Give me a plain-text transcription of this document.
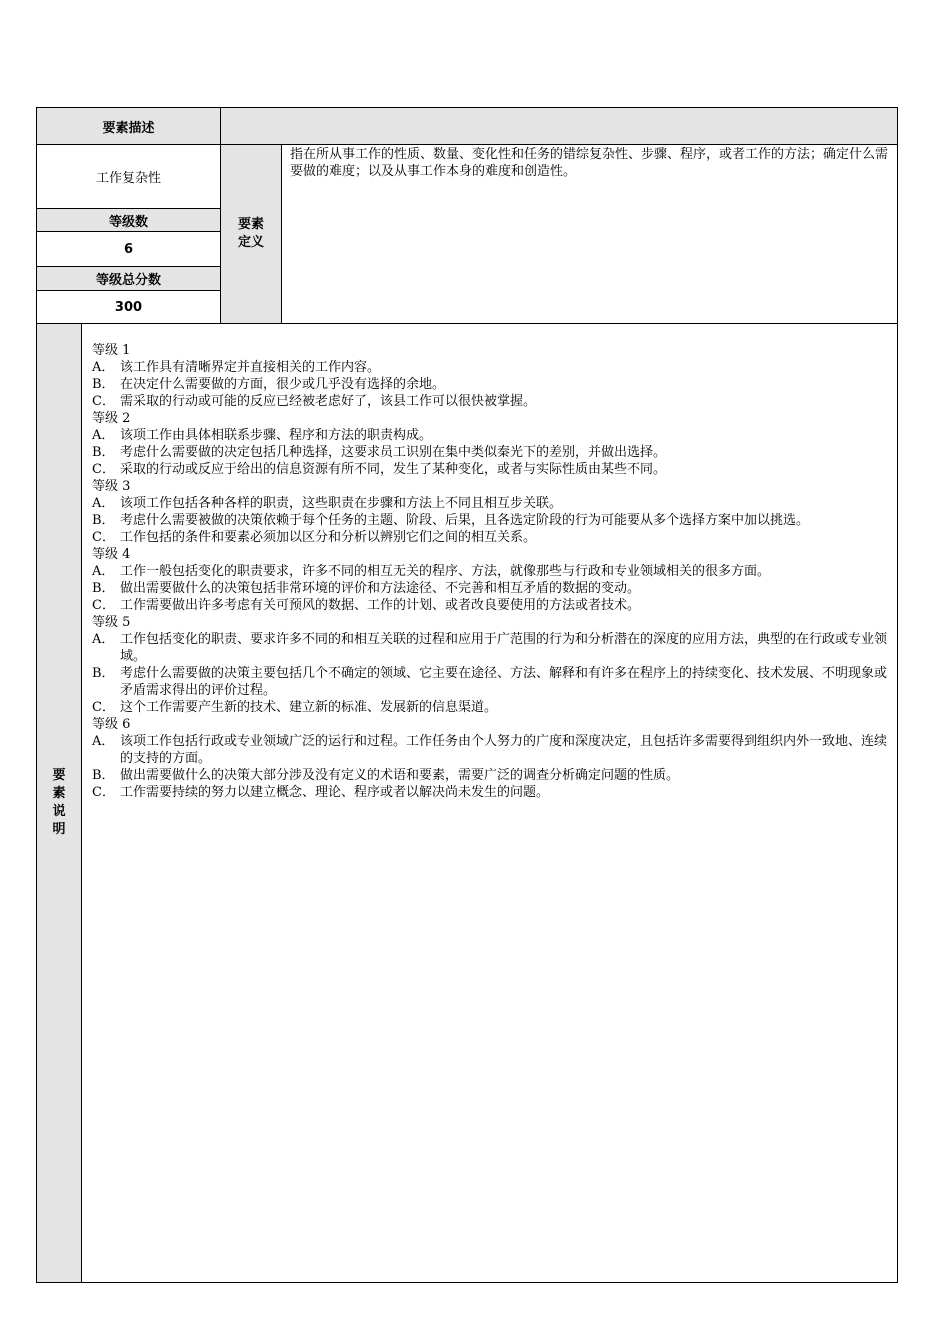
要素描述
工作复杂性
等级数
6
等级总分数
300
要素
定义
指在所从事工作的性质、数量、变化性和任务的错综复杂性、步骤、程序，或者工作的方法；确定什么需要做的难度；以及从事工作本身的难度和创造性。
要
素
说
明
等级 1
A． 该工作具有清晰界定并直接相关的工作内容。
B． 在决定什么需要做的方面，很少或几乎没有选择的余地。
C． 需采取的行动或可能的反应已经被老虑好了，该县工作可以很快被掌握。
等级 2
A． 该项工作由具体相联系步骤、程序和方法的职责构成。
B． 考虑什么需要做的决定包括几种选择，这要求员工识别在集中类似秦光下的差别，并做出选择。
C． 采取的行动或反应于给出的信息资源有所不同，发生了某种变化，或者与实际性质由某些不同。
等级 3
A． 该项工作包括各种各样的职责，这些职责在步骤和方法上不同且相互步关联。
B． 考虑什么需要被做的决策依赖于每个任务的主题、阶段、后果，且各选定阶段的行为可能要从多个选择方案中加以挑选。
C． 工作包括的条件和要素必须加以区分和分析以辨别它们之间的相互关系。
等级 4
A． 工作一般包括变化的职责要求，许多不同的相互无关的程序、方法，就像那些与行政和专业领域相关的很多方面。
B． 做出需要做什么的决策包括非常环境的评价和方法途径、不完善和相互矛盾的数据的变动。
C． 工作需要做出许多考虑有关可预风的数据、工作的计划、或者改良要使用的方法或者技术。
等级 5
A． 工作包括变化的职责、要求许多不同的和相互关联的过程和应用于广范围的行为和分析潜在的深度的应用方法，典型的在行政或专业领域。
B． 考虑什么需要做的决策主要包括几个不确定的领域、它主要在途径、方法、解释和有许多在程序上的持续变化、技术发展、不明现象或矛盾需求得出的评价过程。
C． 这个工作需要产生新的技术、建立新的标准、发展新的信息渠道。
等级 6
A． 该项工作包括行政或专业领域广泛的运行和过程。工作任务由个人努力的广度和深度决定，且包括许多需要得到组织内外一致地、连续的支持的方面。
B． 做出需要做什么的决策大部分涉及没有定义的术语和要素，需要广泛的调查分析确定问题的性质。
C． 工作需要持续的努力以建立概念、理论、程序或者以解决尚未发生的问题。
